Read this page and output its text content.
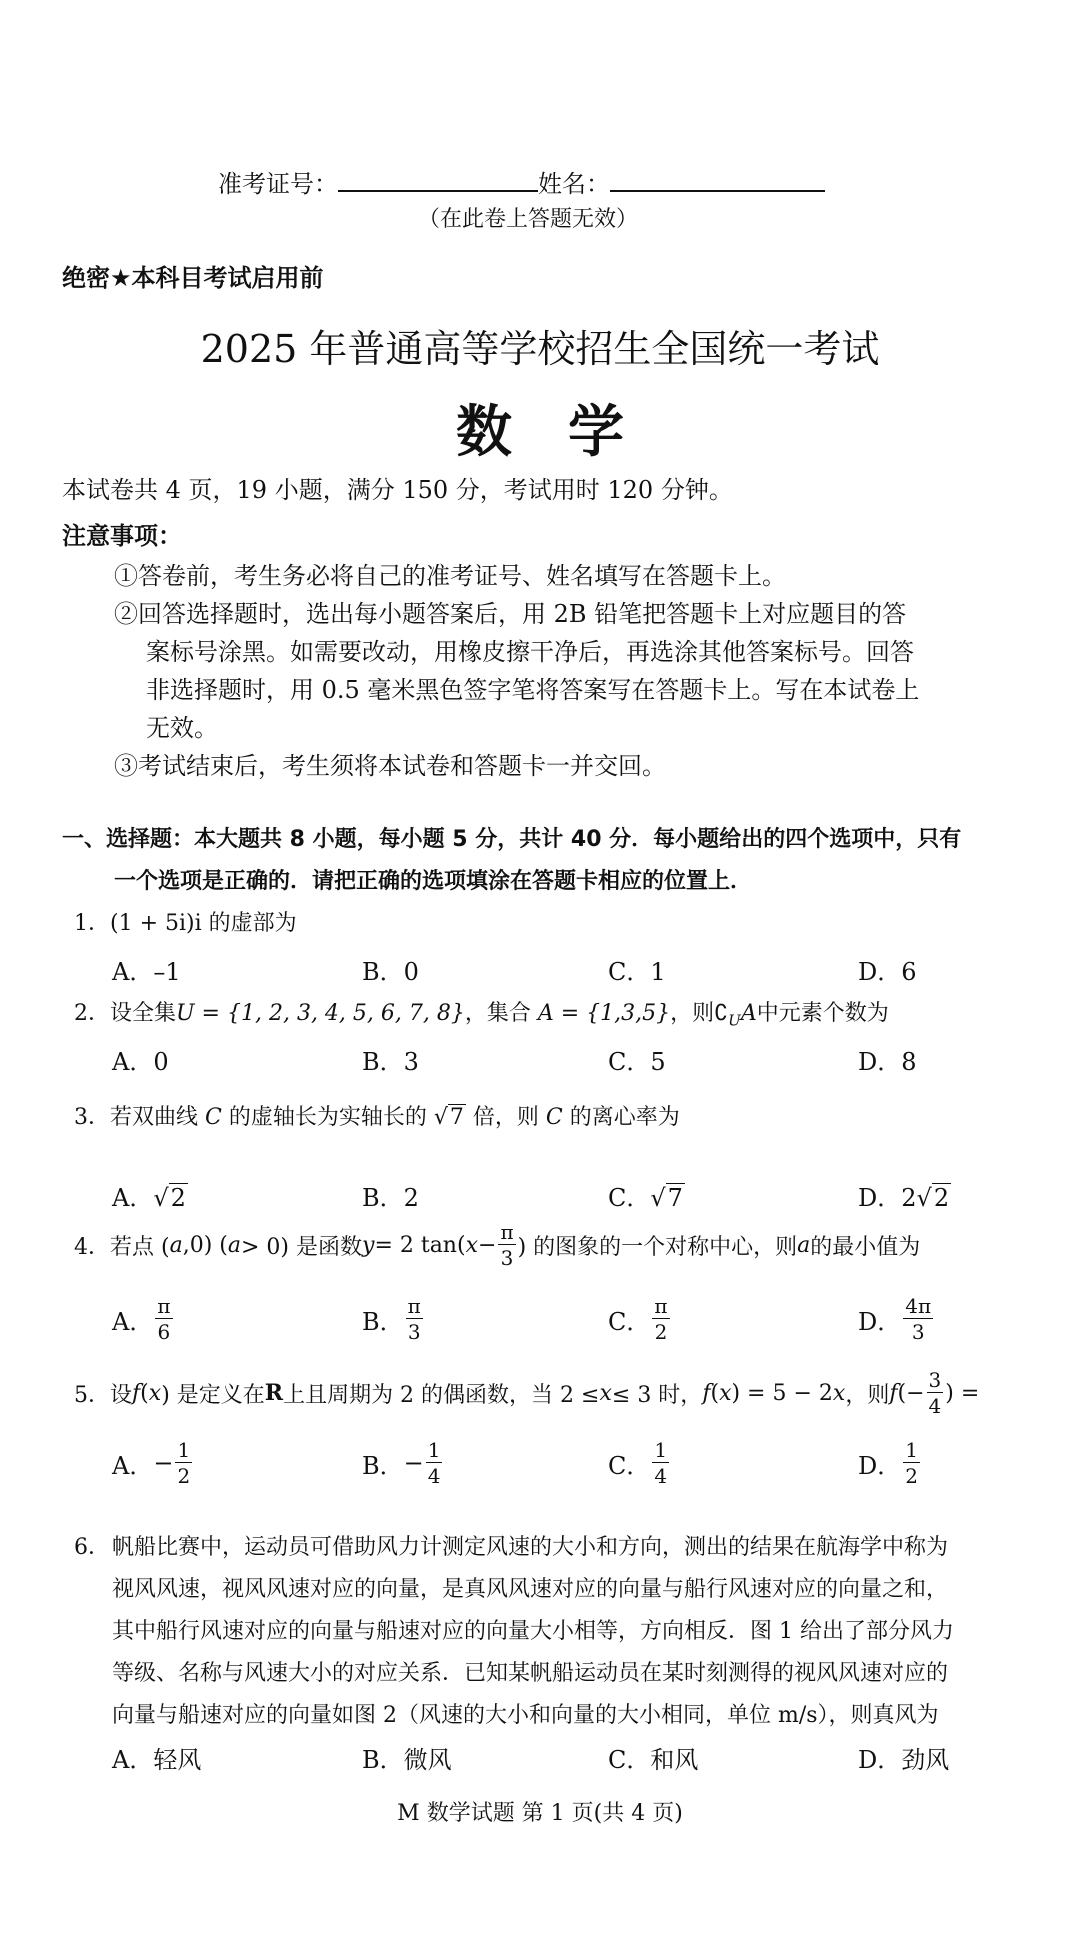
准考证号：	姓名：
（在此卷上答题无效）
绝密★本科目考试启用前
2025 年普通高等学校招生全国统一考试
数　学
本试卷共 4 页，19 小题，满分 150 分，考试用时 120 分钟。
注意事项：
①答卷前，考生务必将自己的准考证号、姓名填写在答题卡上。
②回答选择题时，选出每小题答案后，用 2B 铅笔把答题卡上对应题目的答
案标号涂黑。如需要改动，用橡皮擦干净后，再选涂其他答案标号。回答
非选择题时，用 0.5 毫米黑色签字笔将答案写在答题卡上。写在本试卷上
无效。
③考试结束后，考生须将本试卷和答题卡一并交回。
一、选择题：本大题共 8 小题，每小题 5 分，共计 40 分．每小题给出的四个选项中，只有
一个选项是正确的．请把正确的选项填涂在答题卡相应的位置上．
1．(1 + 5i)i 的虚部为
A．–1	B．0	C．1	D．6
2．设全集U = {1, 2, 3, 4, 5, 6, 7, 8}，集合 A = {1,3,5}，则$∁_UA$中元素个数为
A．0	B．3	C．5	D．8
3．若双曲线 C 的虚轴长为实轴长的 √7 倍，则 C 的离心率为
A．√2	B．2	C．√7	D．2√2
4． 若点 ( a ,0) ( a > 0) 是函数 y = 2 tan( $x - \frac{\pi}{3}$ ) 的图象的一个对称中心，则 a 的最小值为
A． $\frac{\pi}{6}$	B． $\frac{\pi}{3}$	C． $\frac{\pi}{2}$	D． $\frac{4\pi}{3}$
5． 设 f ( x ) 是定义在 R 上且周期为 2 的偶函数，当 2 ≤ x ≤ 3 时， f ( x ) = 5 − 2 x ，则 f (− $\frac{3}{4}$ ) =
A． − $\frac{1}{2}$	B． − $\frac{1}{4}$	C． $\frac{1}{4}$	D． $\frac{1}{2}$
6． 帆船比赛中，运动员可借助风力计测定风速的大小和方向，测出的结果在航海学中称为
视风风速，视风风速对应的向量，是真风风速对应的向量与船行风速对应的向量之和，
其中船行风速对应的向量与船速对应的向量大小相等，方向相反．图 1 给出了部分风力
等级、名称与风速大小的对应关系．已知某帆船运动员在某时刻测得的视风风速对应的
向量与船速对应的向量如图 2（风速的大小和向量的大小相同，单位 m/s），则真风为
A．轻风	B．微风	C．和风	D．劲风
M 数学试题 第 1 页(共 4 页)
